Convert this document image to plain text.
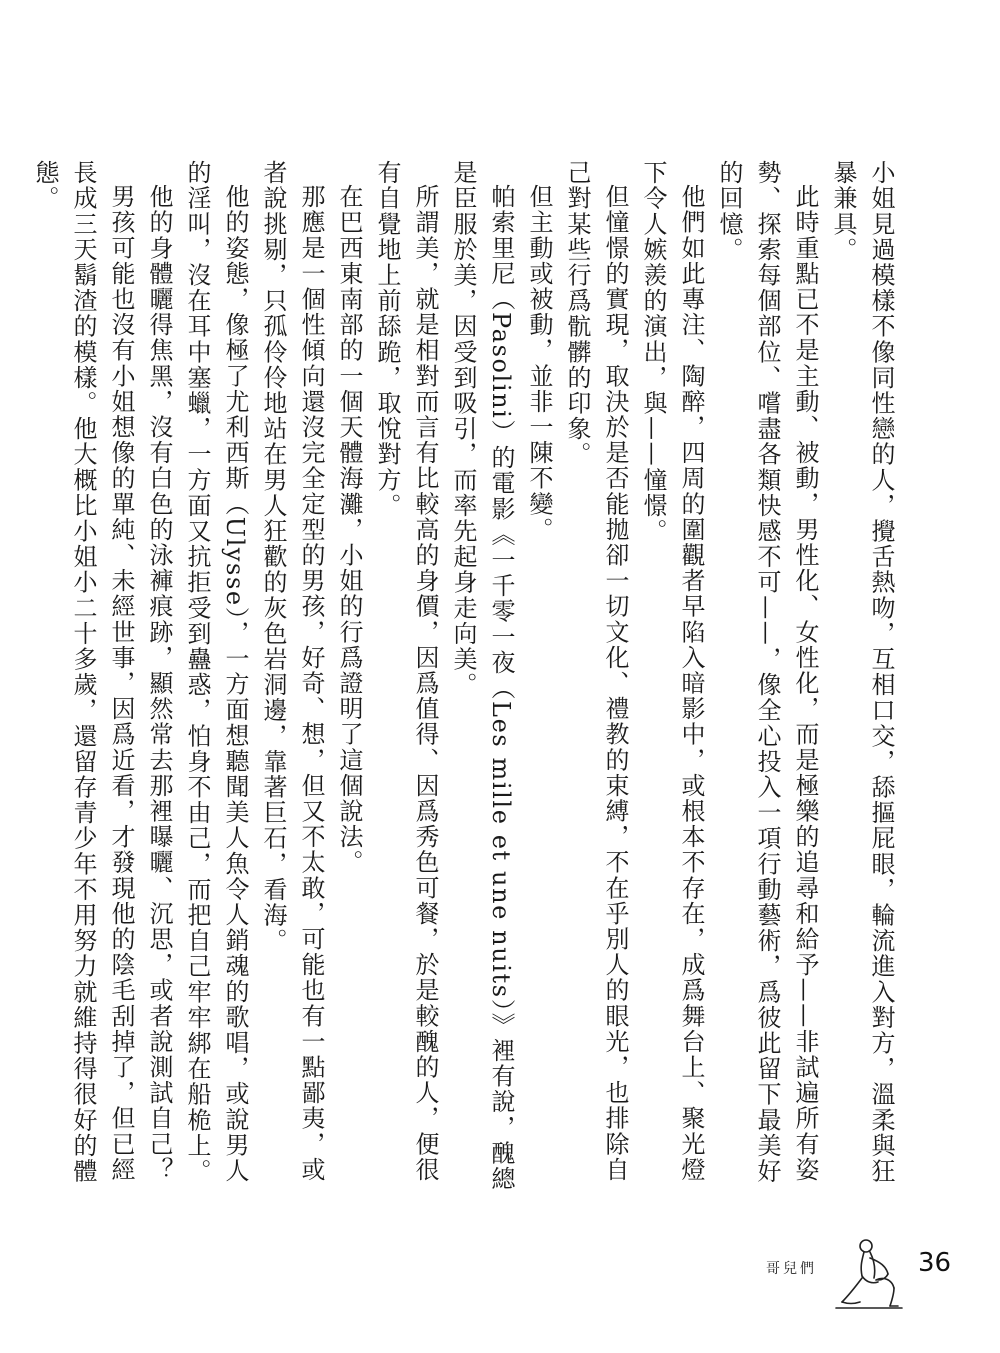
小姐見過模樣不像同性戀的人，攪舌熱吻，互相口交，舔摳屁眼，輪流進入對方，溫柔與狂暴兼具。

此時重點已不是主動、被動，男性化、女性化，而是極樂的追尋和給予——非試遍所有姿勢、探索每個部位、嚐盡各類快感不可——，像全心投入一項行動藝術，爲彼此留下最美好的回憶。

他們如此專注、陶醉，四周的圍觀者早陷入暗影中，或根本不存在，成爲舞台上、聚光燈下令人嫉羨的演出，與——憧憬。

但憧憬的實現，取決於是否能拋卻一切文化、禮教的束縛，不在乎別人的眼光，也排除自己對某些行爲骯髒的印象。

但主動或被動，並非一陳不變。

帕索里尼（Pasolini）的電影《一千零一夜（Les mille et une nuits）》裡有說，醜總是臣服於美，因受到吸引，而率先起身走向美。

所謂美，就是相對而言有比較高的身價，因爲值得、因爲秀色可餐，於是較醜的人，便很有自覺地上前舔跪，取悅對方。

在巴西東南部的一個天體海灘，小姐的行爲證明了這個說法。

那應是一個性傾向還沒完全定型的男孩，好奇、想，但又不太敢，可能也有一點鄙夷，或者說挑剔，只孤伶伶地站在男人狂歡的灰色岩洞邊，靠著巨石，看海。

他的姿態，像極了尤利西斯（Ulysse），一方面想聽聞美人魚令人銷魂的歌唱，或說男人的淫叫，沒在耳中塞蠟，一方面又抗拒受到蠱惑，怕身不由己，而把自己牢牢綁在船桅上。

他的身體曬得焦黑，沒有白色的泳褲痕跡，顯然常去那裡曝曬、沉思，或者說測試自己？

男孩可能也沒有小姐想像的單純、未經世事，因爲近看，才發現他的陰毛刮掉了，但已經長成三天鬍渣的模樣。他大概比小姐小二十多歲，還留存青少年不用努力就維持得很好的體態。

哥兒們	36
